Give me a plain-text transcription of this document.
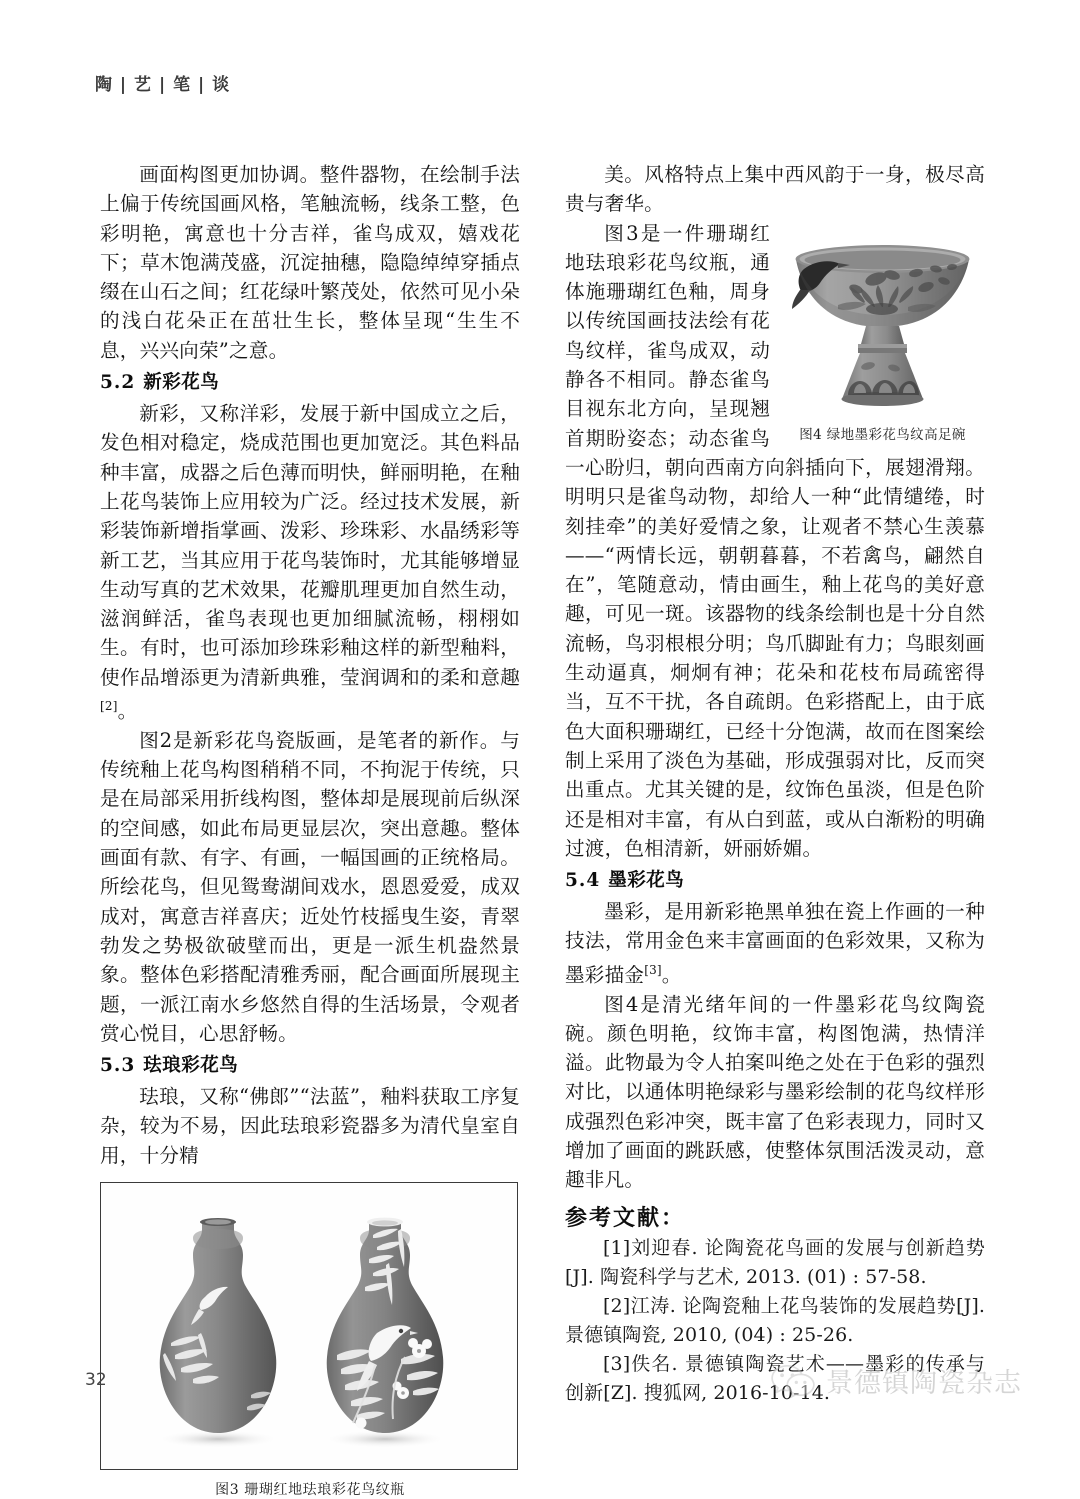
陶 | 艺 | 笔 | 谈

画面构图更加协调。整件器物，在绘制手法上偏于传统国画风格，笔触流畅，线条工整，色彩明艳，寓意也十分吉祥，雀鸟成双，嬉戏花下；草木饱满茂盛，沉淀抽穗，隐隐绰绰穿插点缀在山石之间；红花绿叶繁茂处，依然可见小朵的浅白花朵正在茁壮生长，整体呈现“生生不息，兴兴向荣”之意。

5.2 新彩花鸟

新彩，又称洋彩，发展于新中国成立之后，发色相对稳定，烧成范围也更加宽泛。其色料品种丰富，成器之后色薄而明快，鲜丽明艳，在釉上花鸟装饰上应用较为广泛。经过技术发展，新彩装饰新增指掌画、泼彩、珍珠彩、水晶绣彩等新工艺，当其应用于花鸟装饰时，尤其能够增显生动写真的艺术效果，花瓣肌理更加自然生动，滋润鲜活，雀鸟表现也更加细腻流畅，栩栩如生。有时，也可添加珍珠彩釉这样的新型釉料，使作品增添更为清新典雅，莹润调和的柔和意趣[2]。

图2是新彩花鸟瓷版画，是笔者的新作。与传统釉上花鸟构图稍稍不同，不拘泥于传统，只是在局部采用折线构图，整体却是展现前后纵深的空间感，如此布局更显层次，突出意趣。整体画面有款、有字、有画，一幅国画的正统格局。所绘花鸟，但见鸳鸯湖间戏水，恩恩爱爱，成双成对，寓意吉祥喜庆；近处竹枝摇曳生姿，青翠勃发之势极欲破壁而出，更是一派生机盎然景象。整体色彩搭配清雅秀丽，配合画面所展现主题，一派江南水乡悠然自得的生活场景，令观者赏心悦目，心思舒畅。

5.3 珐琅彩花鸟

珐琅，又称“佛郎”“法蓝”，釉料获取工序复杂，较为不易，因此珐琅彩瓷器多为清代皇室自用，十分精

图3 珊瑚红地珐琅彩花鸟纹瓶

美。风格特点上集中西风韵于一身，极尽高贵与奢华。

图4 绿地墨彩花鸟纹高足碗

图3是一件珊瑚红地珐琅彩花鸟纹瓶，通体施珊瑚红色釉，周身以传统国画技法绘有花鸟纹样，雀鸟成双，动静各不相同。静态雀鸟目视东北方向，呈现翘首期盼姿态；动态雀鸟一心盼归，朝向西南方向斜插向下，展翅滑翔。明明只是雀鸟动物，却给人一种“此情缱绻，时刻挂牵”的美好爱情之象，让观者不禁心生羡慕——“两情长远，朝朝暮暮，不若禽鸟，翩然自在”，笔随意动，情由画生，釉上花鸟的美好意趣，可见一斑。该器物的线条绘制也是十分自然流畅，鸟羽根根分明；鸟爪脚趾有力；鸟眼刻画生动逼真，炯炯有神；花朵和花枝布局疏密得当，互不干扰，各自疏朗。色彩搭配上，由于底色大面积珊瑚红，已经十分饱满，故而在图案绘制上采用了淡色为基础，形成强弱对比，反而突出重点。尤其关键的是，纹饰色虽淡，但是色阶还是相对丰富，有从白到蓝，或从白渐粉的明确过渡，色相清新，妍丽娇媚。

5.4 墨彩花鸟

墨彩，是用新彩艳黑单独在瓷上作画的一种技法，常用金色来丰富画面的色彩效果，又称为墨彩描金[3]。

图4是清光绪年间的一件墨彩花鸟纹陶瓷碗。颜色明艳，纹饰丰富，构图饱满，热情洋溢。此物最为令人拍案叫绝之处在于色彩的强烈对比，以通体明艳绿彩与墨彩绘制的花鸟纹样形成强烈色彩冲突，既丰富了色彩表现力，同时又增加了画面的跳跃感，使整体氛围活泼灵动，意趣非凡。

参考文献：

[1]刘迎春. 论陶瓷花鸟画的发展与创新趋势[J]. 陶瓷科学与艺术, 2013. (01) : 57-58.

[2]江涛. 论陶瓷釉上花鸟装饰的发展趋势[J]. 景德镇陶瓷, 2010, (04) : 25-26.

[3]佚名. 景德镇陶瓷艺术——墨彩的传承与创新[Z]. 搜狐网, 2016-10-14.

32	景德镇陶瓷杂志
